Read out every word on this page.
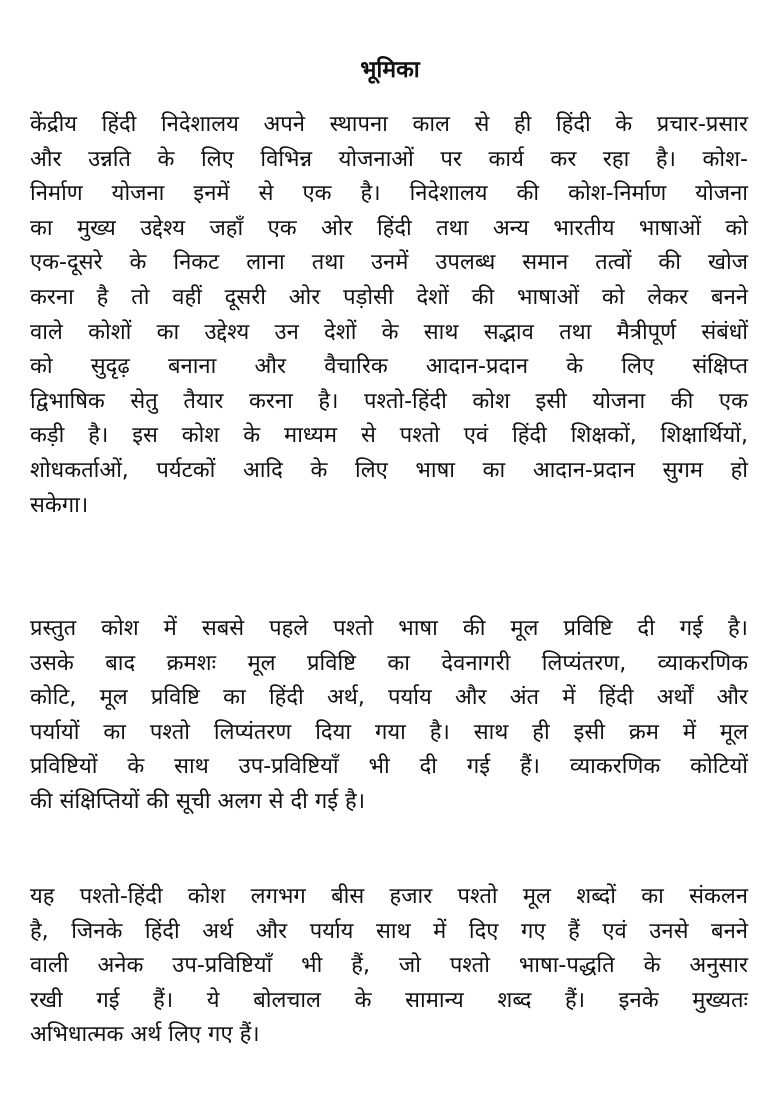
भूमिका
केंद्रीय हिंदी निदेशालय अपने स्थापना काल से ही हिंदी के प्रचार-प्रसार
और उन्नति के लिए विभिन्न योजनाओं पर कार्य कर रहा है। कोश-
निर्माण योजना इनमें से एक है। निदेशालय की कोश-निर्माण योजना
का मुख्य उद्देश्य जहाँ एक ओर हिंदी तथा अन्य भारतीय भाषाओं को
एक-दूसरे के निकट लाना तथा उनमें उपलब्ध समान तत्वों की खोज
करना है तो वहीं दूसरी ओर पड़ोसी देशों की भाषाओं को लेकर बनने
वाले कोशों का उद्देश्य उन देशों के साथ सद्भाव तथा मैत्रीपूर्ण संबंधों
को सुदृढ़ बनाना और वैचारिक आदान-प्रदान के लिए संक्षिप्त
द्विभाषिक सेतु तैयार करना है। पश्तो-हिंदी कोश इसी योजना की एक
कड़ी है। इस कोश के माध्यम से पश्तो एवं हिंदी शिक्षकों, शिक्षार्थियों,
शोधकर्ताओं, पर्यटकों आदि के लिए भाषा का आदान-प्रदान सुगम हो
सकेगा।
प्रस्तुत कोश में सबसे पहले पश्तो भाषा की मूल प्रविष्टि दी गई है।
उसके बाद क्रमशः मूल प्रविष्टि का देवनागरी लिप्यंतरण, व्याकरणिक
कोटि, मूल प्रविष्टि का हिंदी अर्थ, पर्याय और अंत में हिंदी अर्थों और
पर्यायों का पश्तो लिप्यंतरण दिया गया है। साथ ही इसी क्रम में मूल
प्रविष्टियों के साथ उप-प्रविष्टियाँ भी दी गई हैं। व्याकरणिक कोटियों
की संक्षिप्तियों की सूची अलग से दी गई है।
यह पश्तो-हिंदी कोश लगभग बीस हजार पश्तो मूल शब्दों का संकलन
है, जिनके हिंदी अर्थ और पर्याय साथ में दिए गए हैं एवं उनसे बनने
वाली अनेक उप-प्रविष्टियाँ भी हैं, जो पश्तो भाषा-पद्धति के अनुसार
रखी गई हैं। ये बोलचाल के सामान्य शब्द हैं। इनके मुख्यतः
अभिधात्मक अर्थ लिए गए हैं।
